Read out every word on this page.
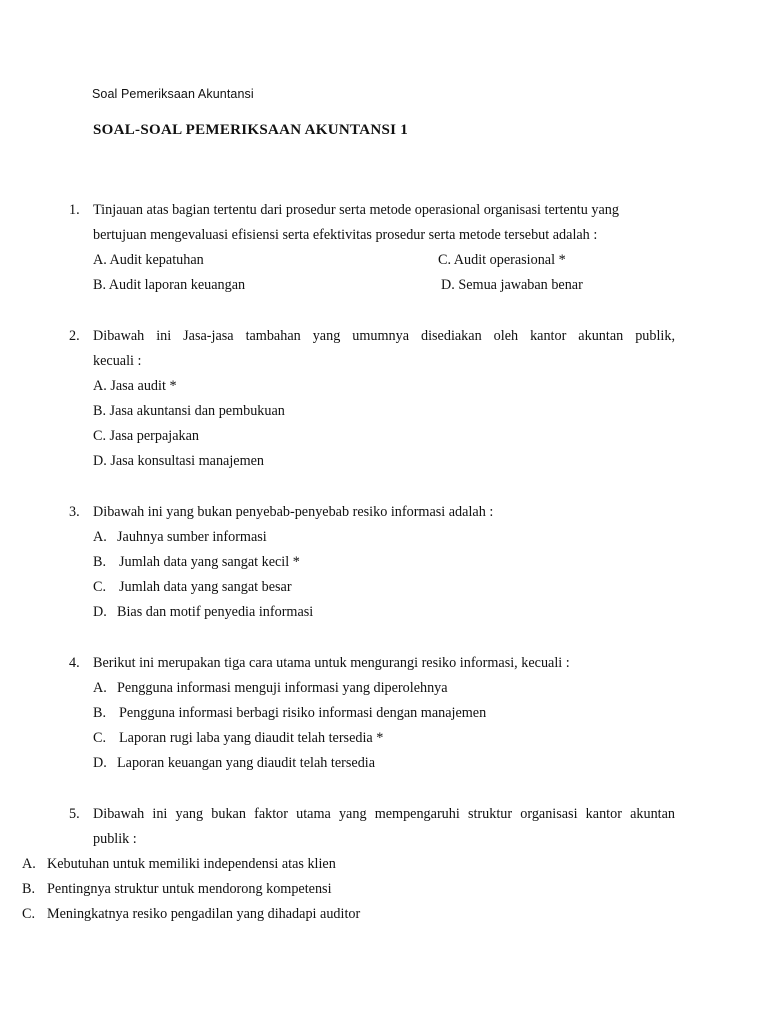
Soal Pemeriksaan Akuntansi
SOAL-SOAL PEMERIKSAAN AKUNTANSI 1
1. Tinjauan atas bagian tertentu dari prosedur serta metode operasional organisasi tertentu yang
bertujuan mengevaluasi efisiensi serta efektivitas prosedur serta metode tersebut adalah :
A. Audit kepatuhan	C. Audit operasional *
B. Audit laporan keuangan	D. Semua jawaban benar
2. Dibawah ini Jasa-jasa tambahan yang umumnya disediakan oleh kantor akuntan publik,
kecuali :
A. Jasa audit *
B. Jasa akuntansi dan pembukuan
C. Jasa perpajakan
D. Jasa konsultasi manajemen
3. Dibawah ini yang bukan penyebab-penyebab resiko informasi adalah :
A. Jauhnya sumber informasi
B. Jumlah data yang sangat kecil *
C. Jumlah data yang sangat besar
D. Bias dan motif penyedia informasi
4. Berikut ini merupakan tiga cara utama untuk mengurangi resiko informasi, kecuali :
A. Pengguna informasi menguji informasi yang diperolehnya
B. Pengguna informasi berbagi risiko informasi dengan manajemen
C. Laporan rugi laba yang diaudit telah tersedia *
D. Laporan keuangan yang diaudit telah tersedia
5. Dibawah ini yang bukan faktor utama yang mempengaruhi struktur organisasi kantor akuntan
publik :
A. Kebutuhan untuk memiliki independensi atas klien
B. Pentingnya struktur untuk mendorong kompetensi
C. Meningkatnya resiko pengadilan yang dihadapi auditor
